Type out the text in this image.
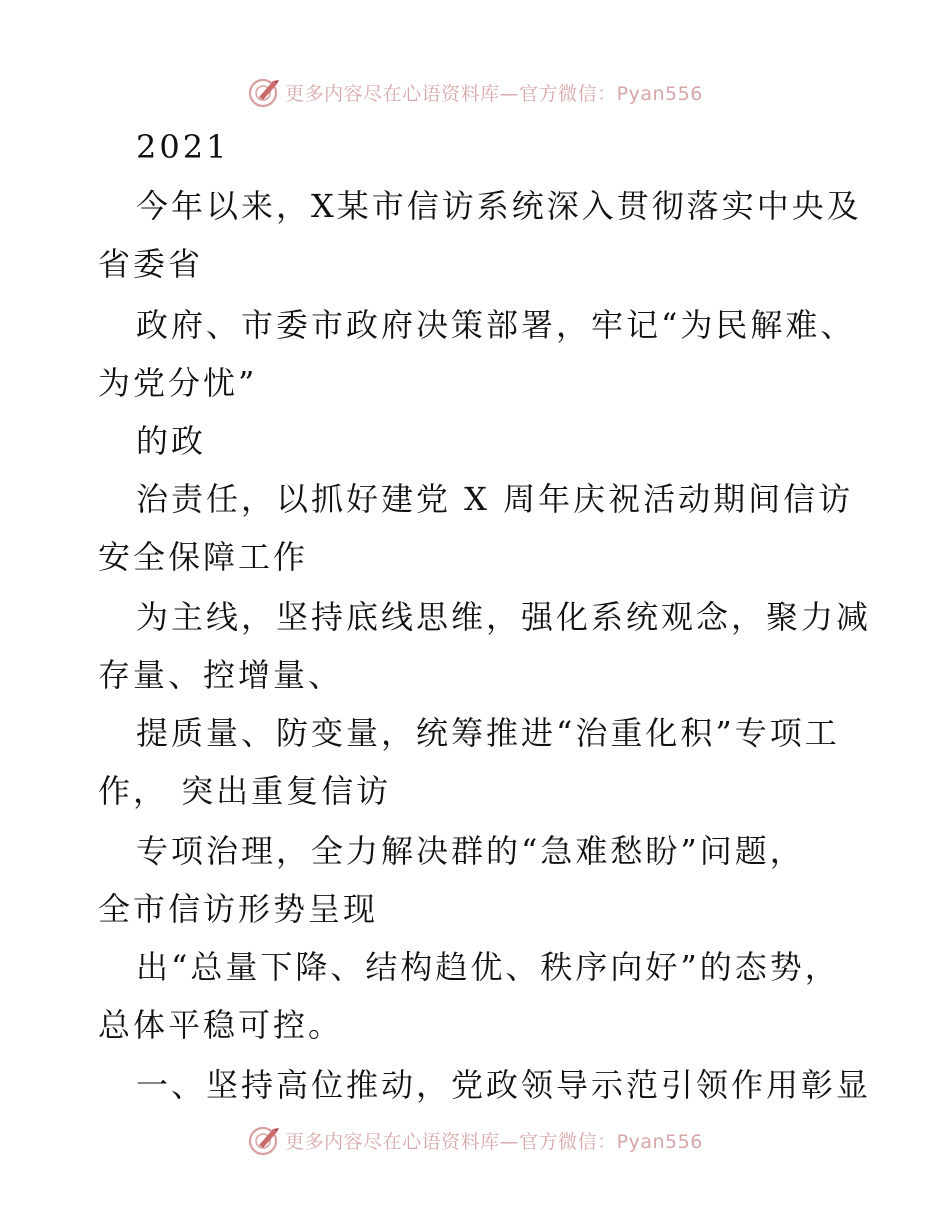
更多内容尽在心语资料库—官方微信：Pyan556
2021
今年以来，X某市信访系统深入贯彻落实中央及
省委省
政府、市委市政府决策部署，牢记“为民解难、
为党分忧”
的政
治责任，以抓好建党 X 周年庆祝活动期间信访
安全保障工作
为主线，坚持底线思维，强化系统观念，聚力减
存量、控增量、
提质量、防变量，统筹推进“治重化积”专项工
作， 突出重复信访
专项治理，全力解决群的“急难愁盼”问题，
全市信访形势呈现
出“总量下降、结构趋优、秩序向好”的态势，
总体平稳可控。
一、坚持高位推动，党政领导示范引领作用彰显
更多内容尽在心语资料库—官方微信：Pyan556
